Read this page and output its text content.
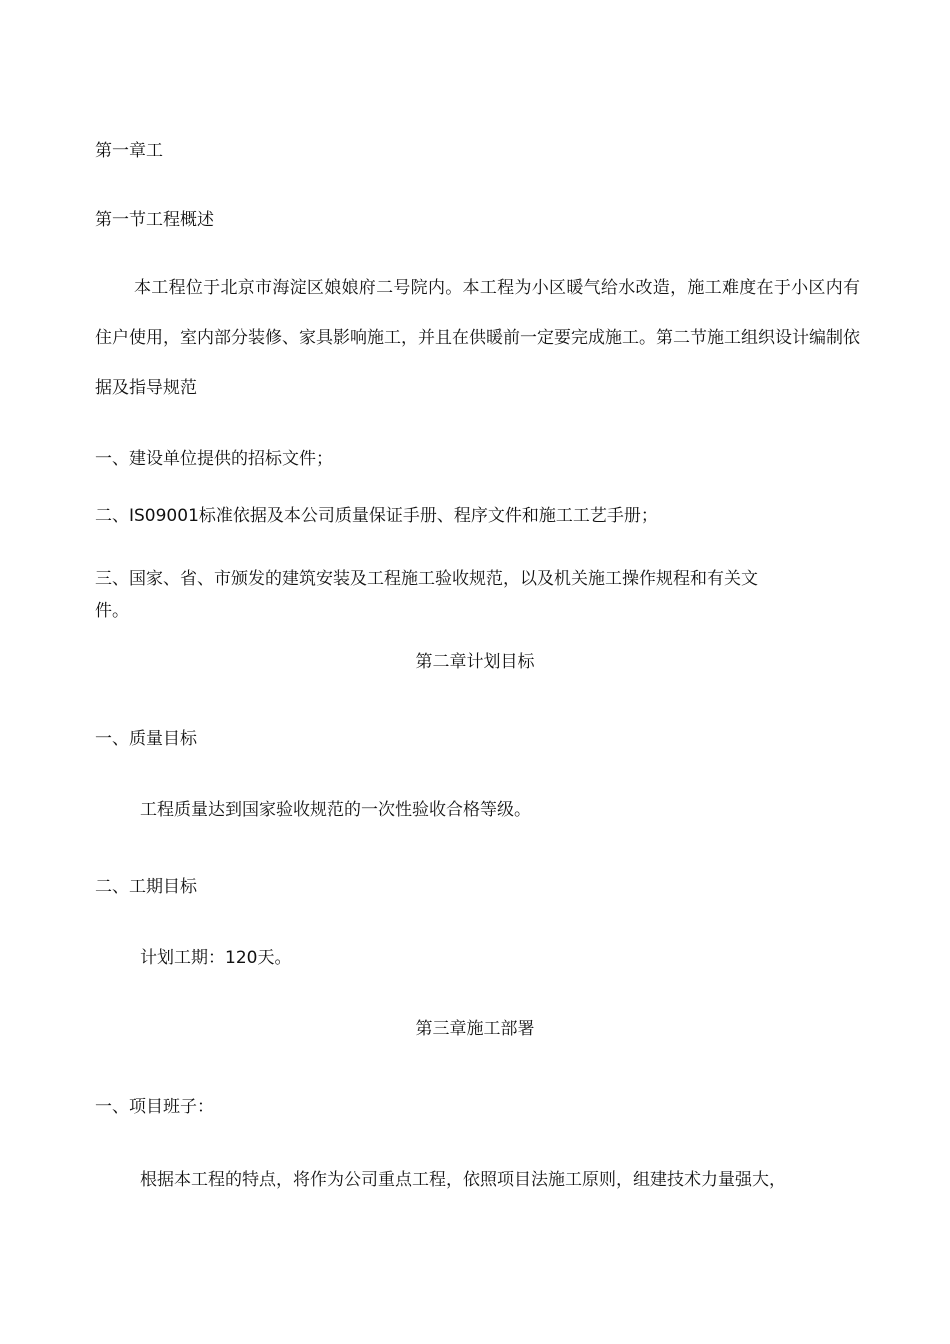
第一章工
第一节工程概述
本工程位于北京市海淀区娘娘府二号院内。本工程为小区暖气给水改造，施工难度在于小区内有住户使用，室内部分装修、家具影响施工，并且在供暖前一定要完成施工。第二节施工组织设计编制依据及指导规范
一、建设单位提供的招标文件；
二、IS09001标准依据及本公司质量保证手册、程序文件和施工工艺手册；
三、国家、省、市颁发的建筑安装及工程施工验收规范，以及机关施工操作规程和有关文
件。
第二章计划目标
一、质量目标
工程质量达到国家验收规范的一次性验收合格等级。
二、工期目标
计划工期：120天。
第三章施工部署
一、项目班子：
根据本工程的特点，将作为公司重点工程，依照项目法施工原则，组建技术力量强大，
